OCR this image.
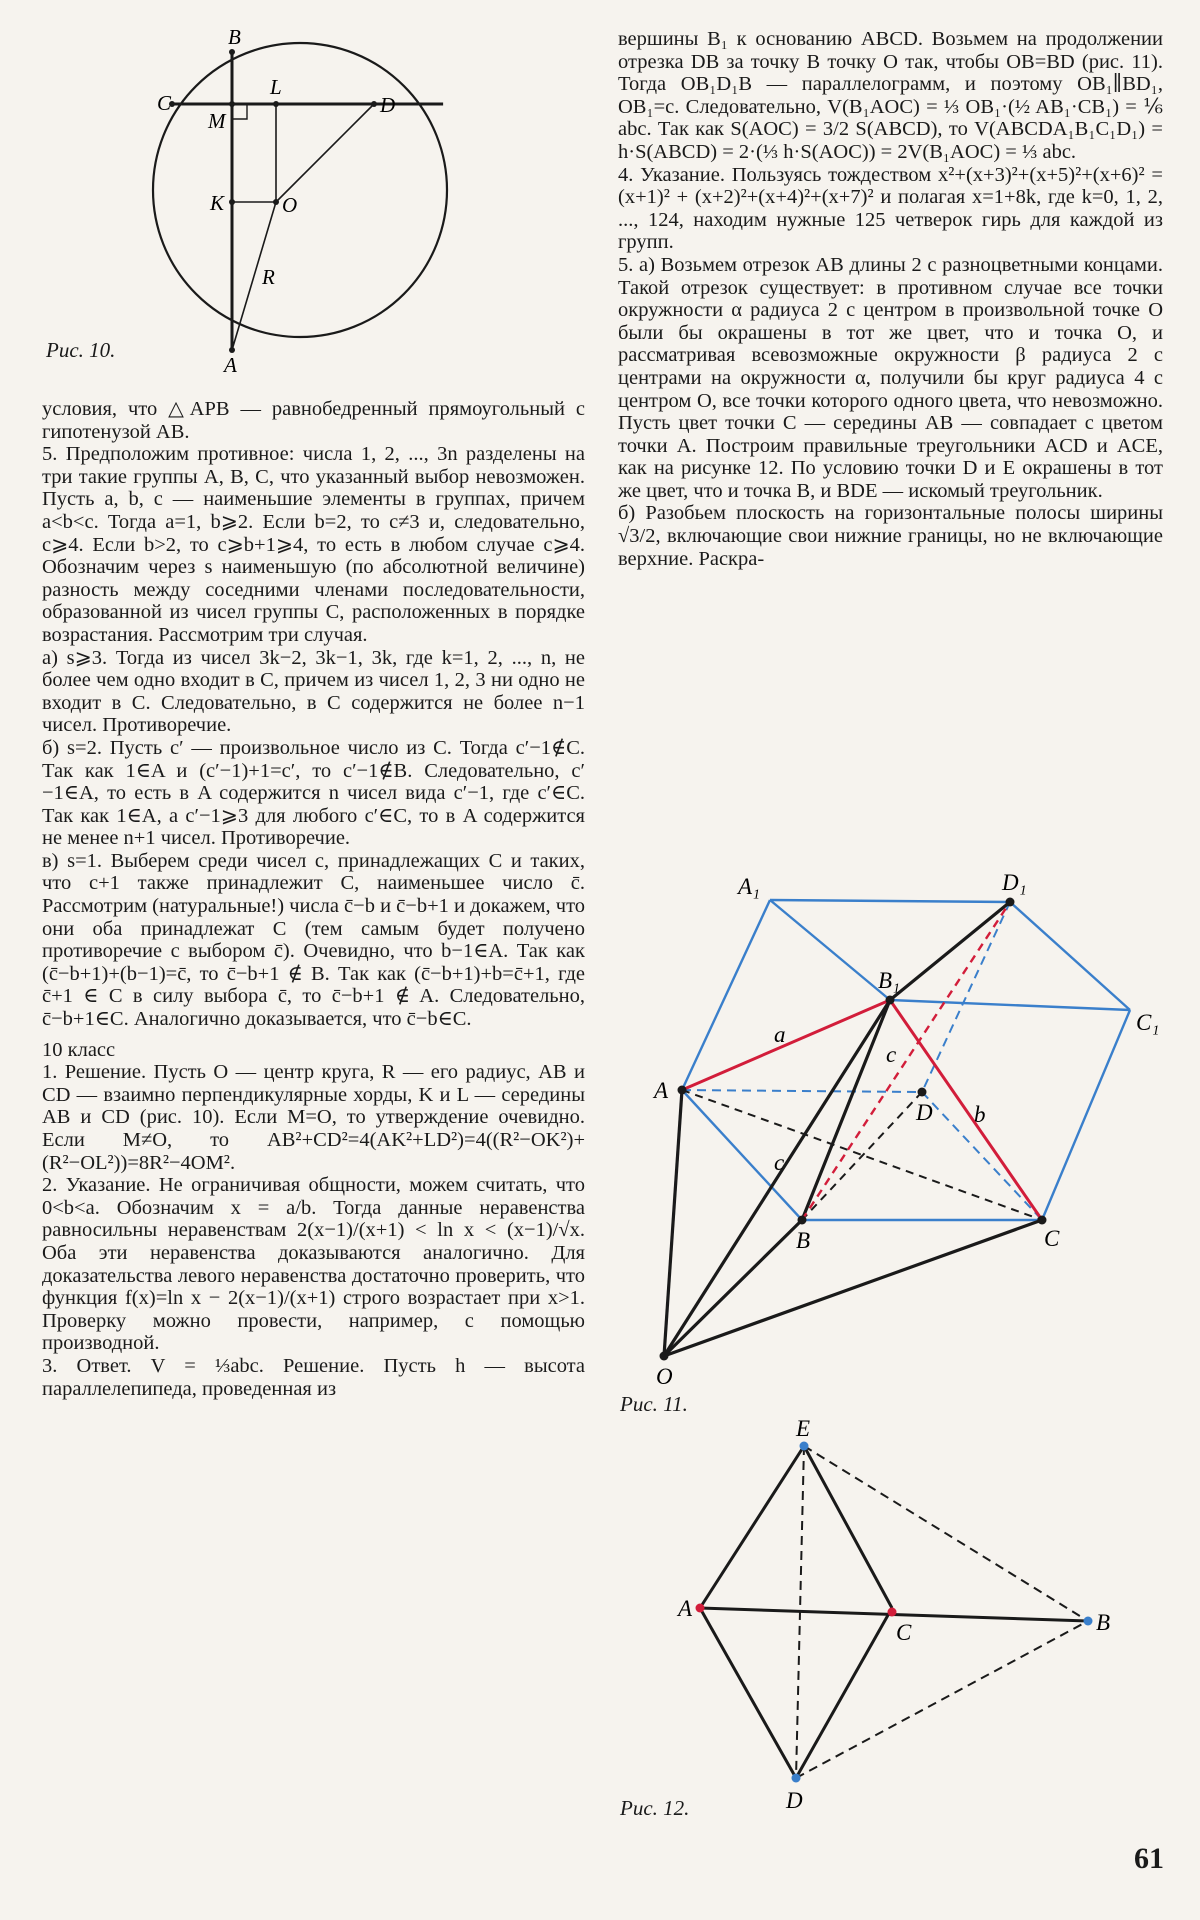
B
C
L
D
M
K	O
R
A
Рис. 10.

условия, что △APB — равнобедренный прямоугольный с гипотенузой AB.

5. Предположим противное: числа 1, 2, ..., 3n разделены на три такие группы A, B, C, что указанный выбор невозможен. Пусть a, b, c — наименьшие элементы в группах, причем a<b<c. Тогда a=1, b⩾2. Если b=2, то c≠3 и, следовательно, c⩾4. Если b>2, то c⩾b+1⩾4, то есть в любом случае c⩾4. Обозначим через s наименьшую (по абсолютной величине) разность между соседними членами последовательности, образованной из чисел группы C, расположенных в порядке возрастания. Рассмотрим три случая.

а) s⩾3. Тогда из чисел 3k−2, 3k−1, 3k, где k=1, 2, ..., n, не более чем одно входит в C, причем из чисел 1, 2, 3 ни одно не входит в C. Следовательно, в C содержится не более n−1 чисел. Противоречие.

б) s=2. Пусть c′ — произвольное число из C. Тогда c′−1∉C. Так как 1∈A и (c′−1)+1=c′, то c′−1∉B. Следовательно, c′−1∈A, то есть в A содержится n чисел вида c′−1, где c′∈C. Так как 1∈A, а c′−1⩾3 для любого c′∈C, то в A содержится не менее n+1 чисел. Противоречие.

в) s=1. Выберем среди чисел c, принадлежащих C и таких, что c+1 также принадлежит C, наименьшее число c̄. Рассмотрим (натуральные!) числа c̄−b и c̄−b+1 и докажем, что они оба принадлежат C (тем самым будет получено противоречие с выбором c̄). Очевидно, что b−1∈A. Так как (c̄−b+1)+(b−1)=c̄, то c̄−b+1 ∉ B. Так как (c̄−b+1)+b=c̄+1, где c̄+1 ∈ C в силу выбора c̄, то c̄−b+1 ∉ A. Следовательно, c̄−b+1∈C. Аналогично доказывается, что c̄−b∈C.

10 класс

1. Решение. Пусть O — центр круга, R — его радиус, AB и CD — взаимно перпендикулярные хорды, K и L — середины AB и CD (рис. 10). Если M=O, то утверждение очевидно. Если M≠O, то AB²+CD²=4(AK²+LD²)=4((R²−OK²)+(R²−OL²))=8R²−4OM².

2. Указание. Не ограничивая общности, можем считать, что 0<b<a. Обозначим x = a/b. Тогда данные неравенства равносильны неравенствам 2(x−1)/(x+1) < ln x < (x−1)/√x. Оба эти неравенства доказываются аналогично. Для доказательства левого неравенства достаточно проверить, что функция f(x)=ln x − 2(x−1)/(x+1) строго возрастает при x>1. Проверку можно провести, например, с помощью производной.

3. Ответ. V = ⅓abc. Решение. Пусть h — высота параллелепипеда, проведенная из

вершины B₁ к основанию ABCD. Возьмем на продолжении отрезка DB за точку B точку O так, чтобы OB=BD (рис. 11). Тогда OB₁D₁B — параллелограмм, и поэтому OB₁∥BD₁, OB₁=c. Следовательно, V(B₁AOC) = ⅓ OB₁·(½ AB₁·CB₁) = ⅙ abc. Так как S(AOC) = 3/2 S(ABCD), то V(ABCDA₁B₁C₁D₁) = h·S(ABCD) = 2·(⅓ h·S(AOC)) = 2V(B₁AOC) = ⅓ abc.

4. Указание. Пользуясь тождеством x²+(x+3)²+(x+5)²+(x+6)² = (x+1)² + (x+2)²+(x+4)²+(x+7)² и полагая x=1+8k, где k=0, 1, 2, ..., 124, находим нужные 125 четверок гирь для каждой из групп.

5. а) Возьмем отрезок AB длины 2 с разноцветными концами. Такой отрезок существует: в противном случае все точки окружности α радиуса 2 с центром в произвольной точке O были бы окрашены в тот же цвет, что и точка O, и рассматривая всевозможные окружности β радиуса 2 с центрами на окружности α, получили бы круг радиуса 4 с центром O, все точки которого одного цвета, что невозможно. Пусть цвет точки C — середины AB — совпадает с цветом точки A. Построим правильные треугольники ACD и ACE, как на рисунке 12. По условию точки D и E окрашены в тот же цвет, что и точка B, и BDE — искомый треугольник.

б) Разобьем плоскость на горизонтальные полосы ширины √3/2, включающие свои нижние границы, но не включающие верхние. Раскра-

A₁	D₁
B₁
C₁
A
D
B	C
O
a
b
c
c
Рис. 11.
E
A
C	B
D
Рис. 12.
61
